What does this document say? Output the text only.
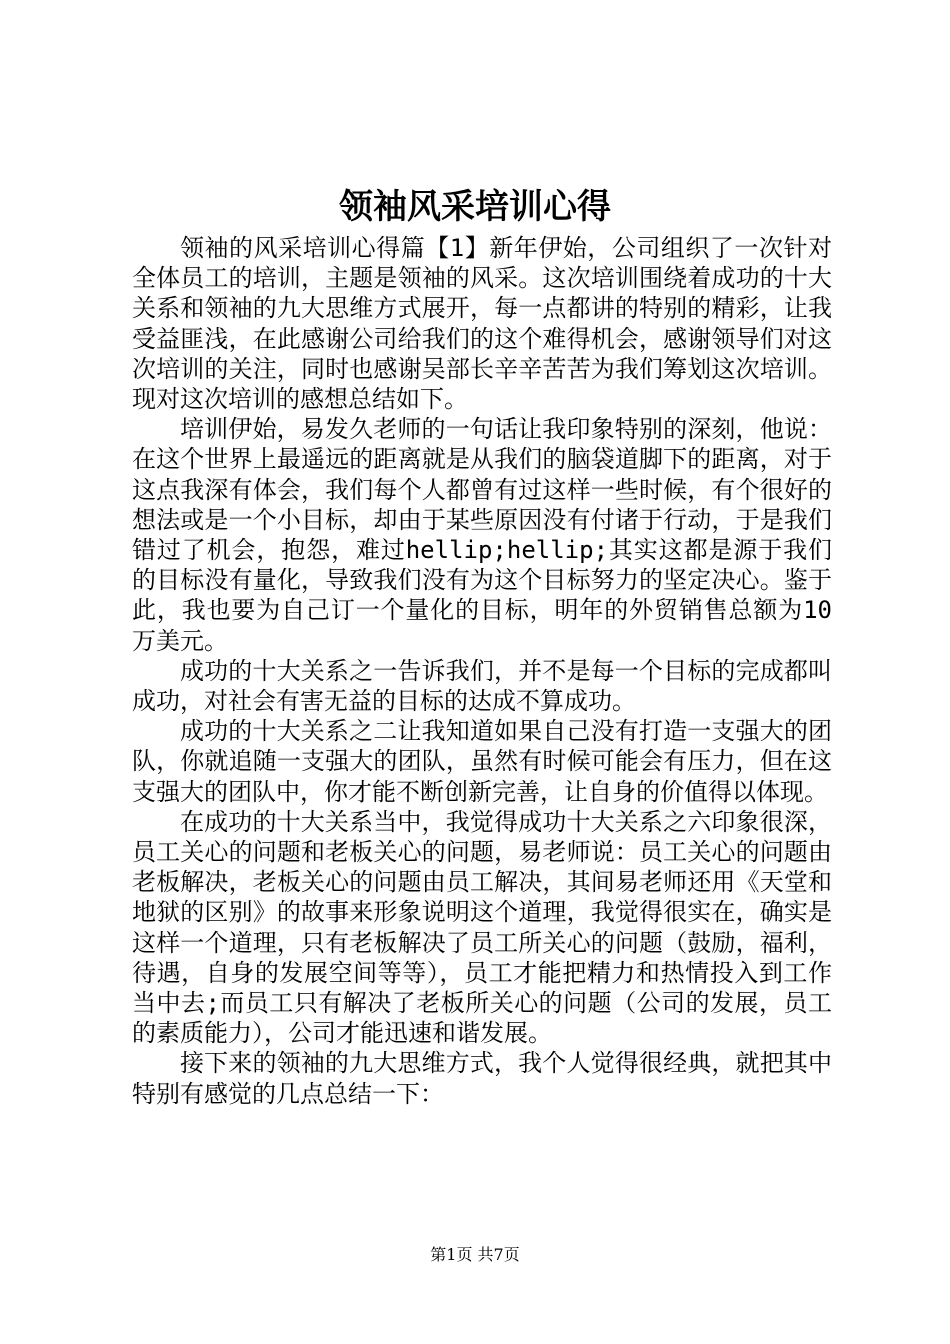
领袖风采培训心得

领袖的风采培训心得篇【1】新年伊始，公司组织了一次针对全体员工的培训，主题是领袖的风采。这次培训围绕着成功的十大关系和领袖的九大思维方式展开，每一点都讲的特别的精彩，让我受益匪浅，在此感谢公司给我们的这个难得机会，感谢领导们对这次培训的关注，同时也感谢吴部长辛辛苦苦为我们筹划这次培训。现对这次培训的感想总结如下。

培训伊始，易发久老师的一句话让我印象特别的深刻，他说：在这个世界上最遥远的距离就是从我们的脑袋道脚下的距离，对于这点我深有体会，我们每个人都曾有过这样一些时候，有个很好的想法或是一个小目标，却由于某些原因没有付诸于行动，于是我们错过了机会，抱怨，难过hellip;hellip;其实这都是源于我们的目标没有量化，导致我们没有为这个目标努力的坚定决心。鉴于此，我也要为自己订一个量化的目标，明年的外贸销售总额为10万美元。

成功的十大关系之一告诉我们，并不是每一个目标的完成都叫成功，对社会有害无益的目标的达成不算成功。

成功的十大关系之二让我知道如果自己没有打造一支强大的团队，你就追随一支强大的团队，虽然有时候可能会有压力，但在这支强大的团队中，你才能不断创新完善，让自身的价值得以体现。

在成功的十大关系当中，我觉得成功十大关系之六印象很深，员工关心的问题和老板关心的问题，易老师说：员工关心的问题由老板解决，老板关心的问题由员工解决，其间易老师还用《天堂和地狱的区别》的故事来形象说明这个道理，我觉得很实在，确实是这样一个道理，只有老板解决了员工所关心的问题（鼓励，福利，待遇，自身的发展空间等等），员工才能把精力和热情投入到工作当中去;而员工只有解决了老板所关心的问题（公司的发展，员工的素质能力），公司才能迅速和谐发展。

接下来的领袖的九大思维方式，我个人觉得很经典，就把其中特别有感觉的几点总结一下：

第1页 共7页
